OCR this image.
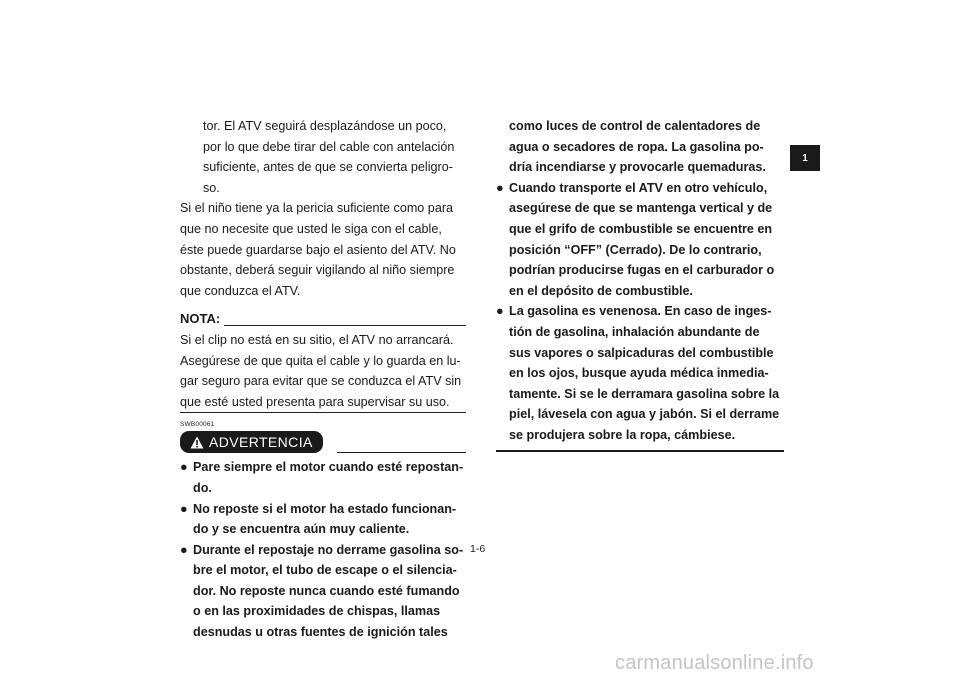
tor. El ATV seguirá desplazándose un poco,

por lo que debe tirar del cable con antelación

suficiente, antes de que se convierta peligro-

so.

Si el niño tiene ya la pericia suficiente como para

que no necesite que usted le siga con el cable,

éste puede guardarse bajo el asiento del ATV. No

obstante, deberá seguir vigilando al niño siempre

que conduzca el ATV.

NOTA:

Si el clip no está en su sitio, el ATV no arrancará.

Asegúrese de que quita el cable y lo guarda en lu-

gar seguro para evitar que se conduzca el ATV sin

que esté usted presenta para supervisar su uso.

SWB00061
ADVERTENCIA
● Pare siempre el motor cuando esté repostan-
do.
● No reposte si el motor ha estado funcionan-
do y se encuentra aún muy caliente.
● Durante el repostaje no derrame gasolina so-
bre el motor, el tubo de escape o el silencia-
dor. No reposte nunca cuando esté fumando
o en las proximidades de chispas, llamas
desnudas u otras fuentes de ignición tales
como luces de control de calentadores de
agua o secadores de ropa. La gasolina po-
dría incendiarse y provocarle quemaduras.
● Cuando transporte el ATV en otro vehículo,
asegúrese de que se mantenga vertical y de
que el grifo de combustible se encuentre en
posición “OFF” (Cerrado). De lo contrario,
podrían producirse fugas en el carburador o
en el depósito de combustible.
● La gasolina es venenosa. En caso de inges-
tión de gasolina, inhalación abundante de
sus vapores o salpicaduras del combustible
en los ojos, busque ayuda médica inmedia-
tamente. Si se le derramara gasolina sobre la
piel, lávesela con agua y jabón. Si el derrame
se produjera sobre la ropa, cámbiese.
1
1-6
carmanualsonline.info
